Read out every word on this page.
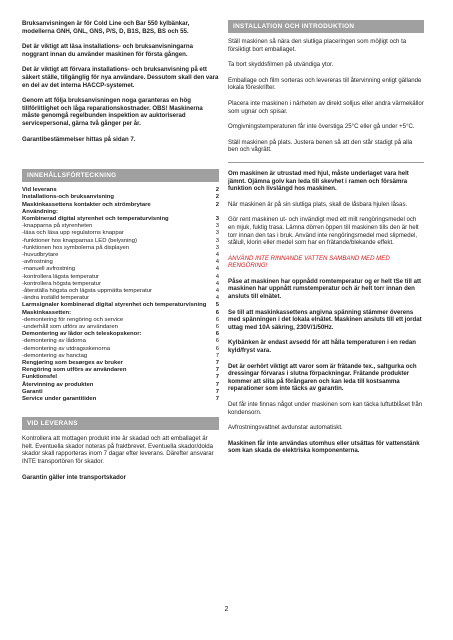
Bruksanvisningen är för Cold Line och Bar 550 kylbänkar, modellerna GNH, GNL, GNS, P/S, D, B1S, B2S, BS och 55.

Det är viktigt att läsa installations- och bruksanvisningarna noggrant innan du använder maskinen för första gången.

Det är viktigt att förvara installations- och bruksanvisning på ett säkert ställe, tillgänglig för nya användare. Dessutom skall den vara en del av det interna HACCP-systemet.

Genom att följa bruksanvisningen noga garanteras en hög tillförlitlighet och låga reparationskostnader. OBS! Maskinerna måste genomgå regelbunden inspektion av auktoriserad servicepersonal, gärna två gånger per år.

Garantibestämmelser hittas på sidan 7.

INNEHÅLLSFÖRTECKNING
Vid leverans	2
Installations-och bruksanvisning	2
Maskinkassettens kontakter och strömbrytare	2
Användning:	
Kombinerad digital styrenhet och temperaturvisning	3
-knapparna på styrenheten	3
-läsa och läsa upp regulatorns knappar	3
-funktioner hos knapparnas LED (belysning)	3
-funktionen hos symbolerna på displayen	3
-huvudbrytare	4
-avfrostning	4
-manuell avfrostning	4
-kontrollera lägsta temperatur	4
-kontrollera högsta temperatur	4
-återställa högsta och lägsta uppmätta temperatur	4
-ändra inställd temperatur	4
Larmsignaler kombinerad digital styrenhet och temperaturvisning	5
Maskinkassetten:	6
-demontering för rengöring och service	6
-underhåll som utförs av användaren	6
Demontering av lådor och teleskopskenor:	6
-demontering av lådorna	6
-demontering av utdragsskenorna	6
-demontering av hanctag	7
Rengjøring som besørges av bruker	7
Rengöring som utförs av användaren	7
Funktionsfel	7
Återvinning av produkten	7
Garanti	7
Service under garantitiden	7
VID LEVERANS

Kontrollera att mottagen produkt inte är skadad och att emballaget är helt. Eventuella skador noteras på fraktbrevet. Eventuella skador/dolda skador skall rapporteras inom 7 dagar efter leverans. Därefter ansvarar INTE transportören för skador.

Garantin gäller inte transportskador

INSTALLATION OCH INTRODUKTION

Ställ maskinen så nära den slutliga placeringen som möjligt och ta försiktigt bort emballaget.

Ta bort skyddsfilmen på utvändiga ytor.

Emballage och film sorteras och levereras till återvinning enligt gällande lokala föreskrifter.

Placera inte maskinen i närheten av direkt solljus eller andra värmekällor som ugnar och spisar.

Omgivningstemperaturen får inte överstiga 25°C eller gå under +5°C.

Ställ maskinen på plats. Justera benen så att den står stadigt på alla ben och vågrätt.

Om maskinen är utrustad med hjul, måste underlaget vara helt jämnt. Ojämna golv kan leda till skevhet i ramen och försämra funktion och livslängd hos maskinen.

När maskinen är på sin slutliga plats, skall de låsbara hjulen låsas.

Gör rent maskinen ut- och invändigt med ett milt rengöringsmedel och en mjuk, fuktig trasa. Lämna dörren öppen till maskinen tills den är helt torr innan den tas i bruk. Använd inte rengöringsmedel med slipmedel, stålull, klorin eller medel som har en frätande/blekande effekt.

ANVÄND INTE RINNANDE VATTEN SAMBAND MED MED RENGÖRING!

Påse at maskinen har oppnådd romtemperatur og er helt tSe till att maskinen har uppnått rumstemperatur och är helt torr innan den ansluts till elnätet.

Se till att maskinkassettens angivna spänning stämmer överens med spänningen i det lokala elnätet. Maskinen ansluts till ett jordat uttag med 10A säkring, 230V/1/50Hz.

Kylbänken är endast avsedd för att hålla temperaturen i en redan kyld/fryst vara.

Det är oerhört viktigt att varor som är frätande tex., saltgurka och dressingar förvaras i slutna förpackningar. Frätande produkter kommer att slita på förångaren och kan leda till kostsamma reparationer som inte täcks av garantin.

Det får inte finnas något under maskinen som kan täcka luftutblåset från kondensorn.

Avfrostningsvattnet avdunstar automatiskt.

Maskinen får inte användas utomhus eller utsättas för vattenstänk som kan skada de elektriska komponenterna.

2
